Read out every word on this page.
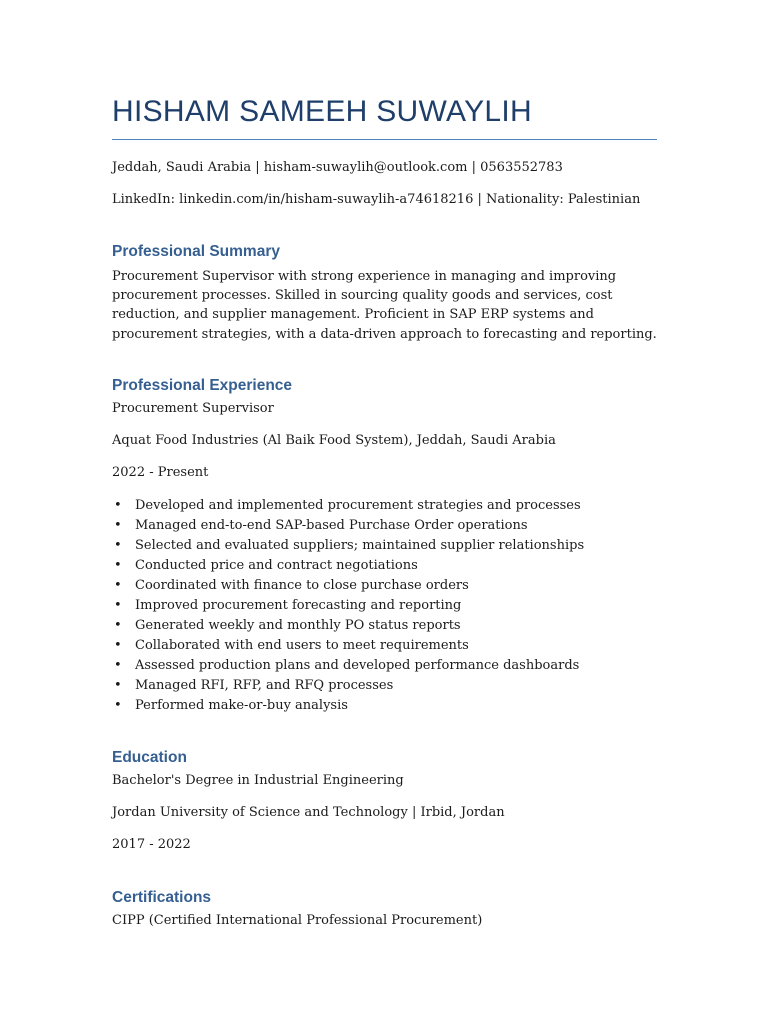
HISHAM SAMEEH SUWAYLIH
Jeddah, Saudi Arabia | hisham-suwaylih@outlook.com | 0563552783
LinkedIn: linkedin.com/in/hisham-suwaylih-a74618216 | Nationality: Palestinian
Professional Summary
Procurement Supervisor with strong experience in managing and improving procurement processes. Skilled in sourcing quality goods and services, cost reduction, and supplier management. Proficient in SAP ERP systems and procurement strategies, with a data-driven approach to forecasting and reporting.
Professional Experience
Procurement Supervisor
Aquat Food Industries (Al Baik Food System), Jeddah, Saudi Arabia
2022 - Present
• Developed and implemented procurement strategies and processes
• Managed end-to-end SAP-based Purchase Order operations
• Selected and evaluated suppliers; maintained supplier relationships
• Conducted price and contract negotiations
• Coordinated with finance to close purchase orders
• Improved procurement forecasting and reporting
• Generated weekly and monthly PO status reports
• Collaborated with end users to meet requirements
• Assessed production plans and developed performance dashboards
• Managed RFI, RFP, and RFQ processes
• Performed make-or-buy analysis
Education
Bachelor's Degree in Industrial Engineering
Jordan University of Science and Technology | Irbid, Jordan
2017 - 2022
Certifications
CIPP (Certified International Professional Procurement)
